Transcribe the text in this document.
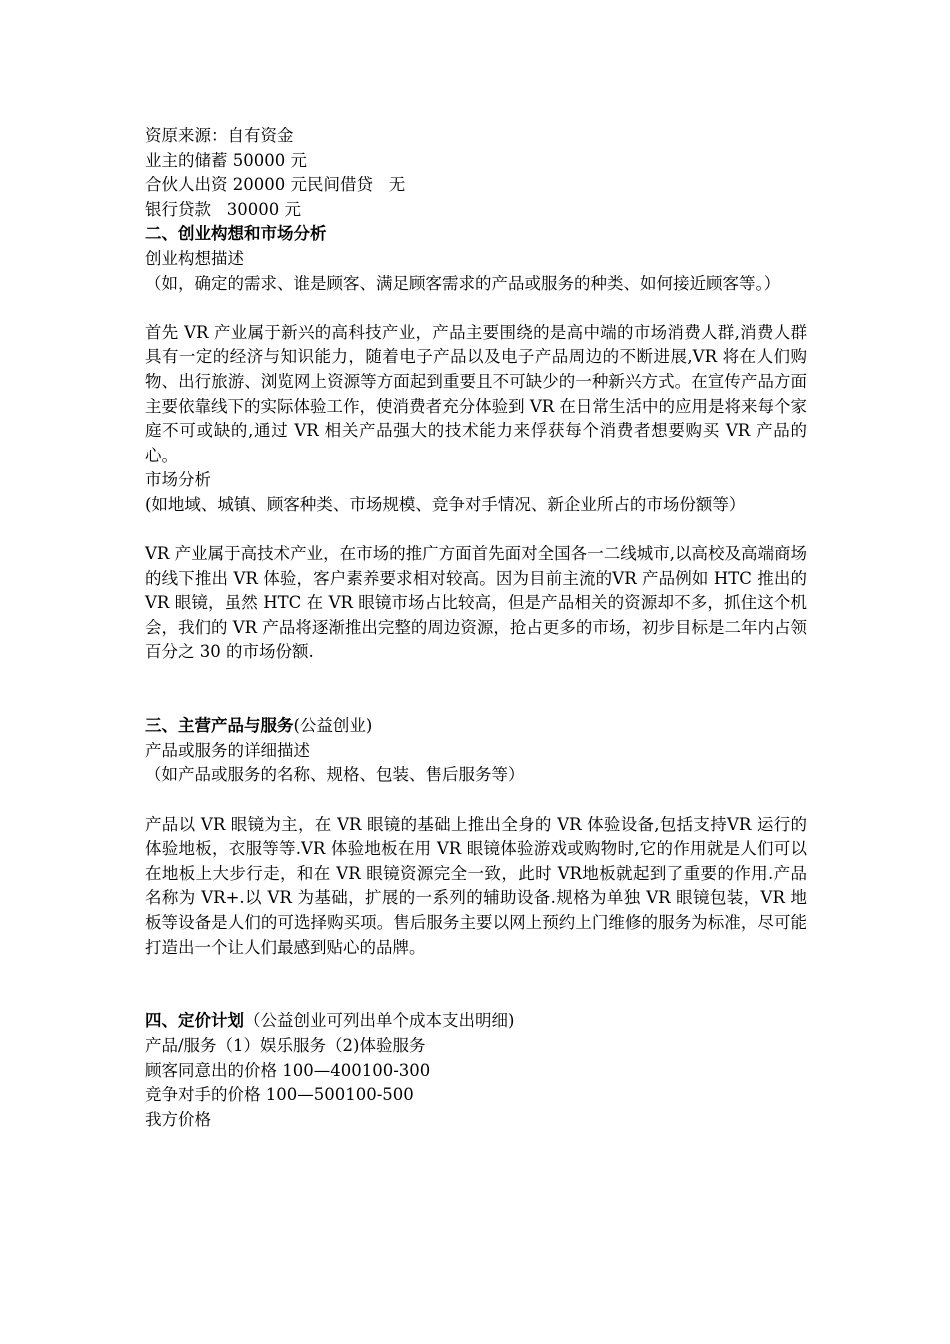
资原来源：自有资金
业主的储蓄 50000 元
合伙人出资 20000 元民间借贷   无
银行贷款   30000 元
二、创业构想和市场分析
创业构想描述
（如，确定的需求、谁是顾客、满足顾客需求的产品或服务的种类、如何接近顾客等。）
首先 VR 产业属于新兴的高科技产业，产品主要围绕的是高中端的市场消费人群,消费人群具有一定的经济与知识能力，随着电子产品以及电子产品周边的不断进展,VR 将在人们购物、出行旅游、浏览网上资源等方面起到重要且不可缺少的一种新兴方式。在宣传产品方面主要依靠线下的实际体验工作，使消费者充分体验到 VR 在日常生活中的应用是将来每个家庭不可或缺的,通过 VR 相关产品强大的技术能力来俘获每个消费者想要购买 VR 产品的心。
市场分析
(如地域、城镇、顾客种类、市场规模、竞争对手情况、新企业所占的市场份额等）
VR 产业属于高技术产业，在市场的推广方面首先面对全国各一二线城市,以高校及高端商场的线下推出 VR 体验，客户素养要求相对较高。因为目前主流的VR 产品例如 HTC 推出的 VR 眼镜，虽然 HTC 在 VR 眼镜市场占比较高，但是产品相关的资源却不多，抓住这个机会，我们的 VR 产品将逐渐推出完整的周边资源，抢占更多的市场，初步目标是二年内占领百分之 30 的市场份额.
三、主营产品与服务(公益创业)
产品或服务的详细描述
（如产品或服务的名称、规格、包装、售后服务等）
产品以 VR 眼镜为主，在 VR 眼镜的基础上推出全身的 VR 体验设备,包括支持VR 运行的体验地板，衣服等等.VR 体验地板在用 VR 眼镜体验游戏或购物时,它的作用就是人们可以在地板上大步行走，和在 VR 眼镜资源完全一致，此时 VR地板就起到了重要的作用.产品名称为 VR+.以 VR 为基础，扩展的一系列的辅助设备.规格为单独 VR 眼镜包装，VR 地板等设备是人们的可选择购买项。售后服务主要以网上预约上门维修的服务为标准，尽可能打造出一个让人们最感到贴心的品牌。
四、定价计划（公益创业可列出单个成本支出明细)
产品/服务（1）娱乐服务（2)体验服务
顾客同意出的价格 100—400100-300
竞争对手的价格 100—500100-500
我方价格
